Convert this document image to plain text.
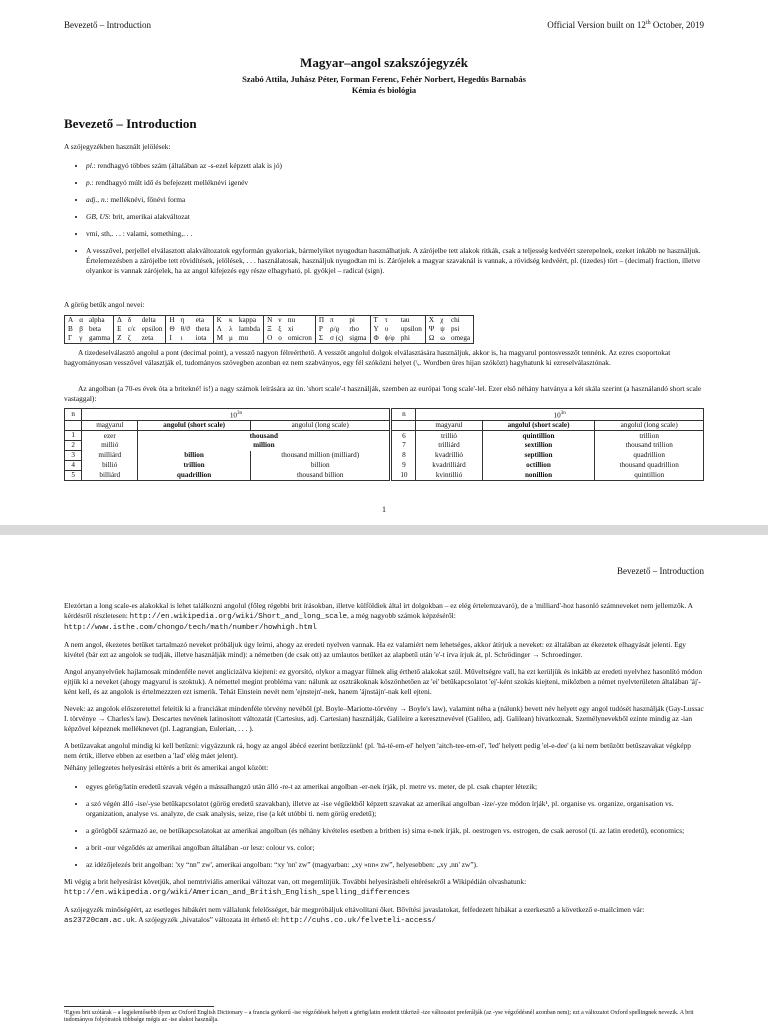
Bevezető – Introduction	Official Version built on 12th October, 2019
Magyar–angol szakszójegyzék
Szabó Attila, Juhász Péter, Forman Ferenc, Fehér Norbert, Hegedüs Barnabás
Kémia és biológia
Bevezető – Introduction

A szójegyzékben használt jelölések:

• pl.: rendhagyó többes szám (általában az -s-ezel képzett alak is jó)
• p.: rendhagyó múlt idő és befejezett melléknévi igenév
• adj., n.: melléknévi, főnévi forma
• GB, US: brit, amerikai alakváltozat
• vmi, sth,. . . : valami, something,. . .
• A vesszővel, perjellel elválasztott alakváltozatok egyformán gyakoriak, bármelyiket nyugodtan használhatjuk. A zárójelbe tett alakok ritkák, csak a teljesség kedvéért szerepelnek, ezeket inkább ne használjuk. Értelemezésben a zárójelbe tett rövidítések, jelölések, . . . használatosak, használjuk nyugodtan mi is. Zárójelek a magyar szavaknál is vannak, a rövidség kedvéért, pl. (tizedes) tört – (decimal) fraction, illetve olyankor is vannak zárójelek, ha az angol kifejezés egy része elhagyható, pl. gyökjel – radical (sign).

A görög betűk angol nevei:

A	α	alpha	Δ	δ	delta	H	η	eta	K	κ	kappa	N	ν	nu	Π	π	pi	T	τ	tau	X	χ	chi
B	β	beta	E	ε/ϵ	epsilon	Θ	θ/ϑ	theta	Λ	λ	lambda	Ξ	ξ	xi	P	ρ/ϱ	rho	Υ	υ	upsilon	Ψ	ψ	psi
Γ	γ	gamma	Z	ζ	zeta	I	ι	iota	M	μ	mu	O	o	omicron	Σ	σ (ς)	sigma	Φ	ϕ/φ	phi	Ω	ω	omega

A tizedeselválasztó angolul a pont (decimal point), a vessző nagyon félreérthető. A vesszőt angolul dolgok elválasztására használjuk, akkor is, ha magyarul pontosvesszőt tennénk. Az ezres csoportokat hagyományosan vesszővel választják el, tudományos szövegben azonban ez nem szabványos, egy fél szóközni helyet (\,. Wordben üres hijan szóközt) hagyhatunk ki ezreselválasztónak.

Az angolban (a 70-es évek óta a britekné! is!) a nagy számok leírására az ún. 'short scale'-t használják, szemben az európai 'long scale'-lel. Ezer első néhány hatványa a két skála szerint (a használandó short scale vastaggal):

n	$10^{3n}$			n	$10^{3n}$
	magyarul	angolul (short scale)	angolul (long scale)		magyarul	angolul (short scale)	angolul (long scale)
1	ezer	thousand		6	trillió	quintillion	trillion
2	millió	million		7	trilliárd	sextillion	thousand trillion
3	milliárd	billion	thousand million (milliard)	8	kvadrillió	septillion	quadrillion
4	billió	trillion	billion	9	kvadrilliárd	octillion	thousand quadrillion
5	billiárd	quadrillion	thousand billion	10	kvintillió	nonillion	quintillion
1
Bevezető – Introduction

Elezórtan a long scale-es alakokkal is lehet találkozni angolul (főleg régebbi brit írásokban, illetve külföldiek által írt dolgokban – ez elég értelemzavaró), de a 'milliard'-hoz hasonló számneveket nem jellemzők. A kérdésről részletesen: http://en.wikipedia.org/wiki/Short_and_long_scale, a még nagyobb számok képzéséről: http://www.isthe.com/chongo/tech/math/number/howhigh.html

A nem angol, ékezetes betűket tartalmazó neveket próbáljuk úgy leírni, ahogy az eredeti nyelven vannak. Ha ez valamiért nem lehetséges, akkor átírjuk a neveket: ez általában az ékezetek elhagyását jelenti. Egy kivétel (bár ezt az angolok se tudják, illetve használják mind): a németben (de csak ott) az umlautos betűket az alapbetű után 'e'-t írva írjuk át, pl. Schrödinger → Schroedinger.

Angol anyanyelvűek hajlamosak mindenféle nevet anglicizálva kiejteni: ez gyorsító, olykor a magyar fülnek alig érthető alakokat szül. Műveltségre vall, ha ezt kerüljük és inkább az eredeti nyelvhez hasonlító módon ejtjük ki a neveket (ahogy magyarul is szoktuk). A némettel megint probléma van: nálunk az osztrákoknak köszönhetően az 'ei' betűkapcsolatot 'ej'-ként szokás kiejteni, miközben a német nyelvterületen általában 'áj'-ként kell, és az angolok is értelmezzzen ezt ismerik. Tehát Einstein nevét nem 'ejnstejn'-nek, hanem 'ájnstájn'-nak kell ejteni.

Nevek: az angolok előszeretettel feleítik ki a franciákat mindenféle törvény nevéből (pl. Boyle–Mariotte-törvény → Boyle's law), valamint néha a (nálunk) bevett név helyett egy angol tudósét használják (Gay-Lussac I. törvénye → Charles's law). Descartes nevének latinosított változatát (Cartesius, adj. Cartesian) használják, Galileire a keresztnevével (Galileo, adj. Galilean) hivatkoznak. Személynevekből ezinte mindig az -ian képzővel képeznek melléknevet (pl. Lagrangian, Eulerian, . . . ).

A betűzavakat angolul mindig ki kell betűzni: vigyázzunk rá, hogy az angol ábécé ezerint betűzzünk! (pl. 'há-té-em-el' helyett 'aitch-tee-em-el', 'led' helyett pedig 'el-e-dee' (a ki nem betűzött betűszavakat végképp nem értik, illetve ebben az esetben a 'lad' elég máet jelent).

Néhány jellegzetes helyesírási eltérés a brit és amerikai angol között:

• egyes görög/latin eredetű szavak végén a mássalhangzó után álló -re-t az amerikai angolban -er-nek írják, pl. metre vs. meter, de pl. csak chapter létezik;
• a szó végén álló -ise/-yse betűkapcsolatot (görög eredetű szavakban), illetve az -ise végűekből képzett szavakat az amerikai angolban -ize/-yze módon írják¹, pl. organise vs. organize, organisation vs. organization, analyse vs. analyze, de csak analysis, seize, rise (a két utóbbi ti. nem görög eredetű);
• a görögből származó ae, oe betűkapcsolatokat az amerikai angolban (és néhány kivételes esetben a britben is) sima e-nek írják, pl. oestrogen vs. estrogen, de csak aerosol (ti. az latin eredetű), economics;
• a brit -our végződés az amerikai angolban általában -or lesz: colour vs. color;
• az idézőjelezés brit angolban: 'xy “nn” zw', amerikai angolban: “xy 'nn' zw” (magyarban: „xy »nn« zw”, helyesebben: „xy ,nn' zw”).

Mi végig a brit helyesírást követjük, ahol nemtriviális amerikai változat van, ott megemlítjük. További helyesírásbeli eltérésekről a Wikipédián olvashatunk: http://en.wikipedia.org/wiki/American_and_British_English_spelling_differences

A szójegyzék minőségéért, az esetleges hibákért nem vállalunk felelősséget, bár megpróbáljuk eltávolítani őket. Bővítési javaslatokat, felfedezett hibákat a ezerkesztő a következő e-mailcímen vár: as23720cam.ac.uk. A szójegyzék „hivatalos” változata itt érhető el: http://cuhs.co.uk/felveteli-access/

¹Egyes brit szótárak – a legjelentősebb ilyen az Oxford English Dictionary – a francia gyökerű -ise végződések helyett a görög/latin eredetit tükröző -ize változatot preferálják (az -yse végződésnél azonban nem); ezt a változatot Oxford spellingnek nevezik. A brit tudományos folyóiratok többsége mégis az -ise alakot használja.
